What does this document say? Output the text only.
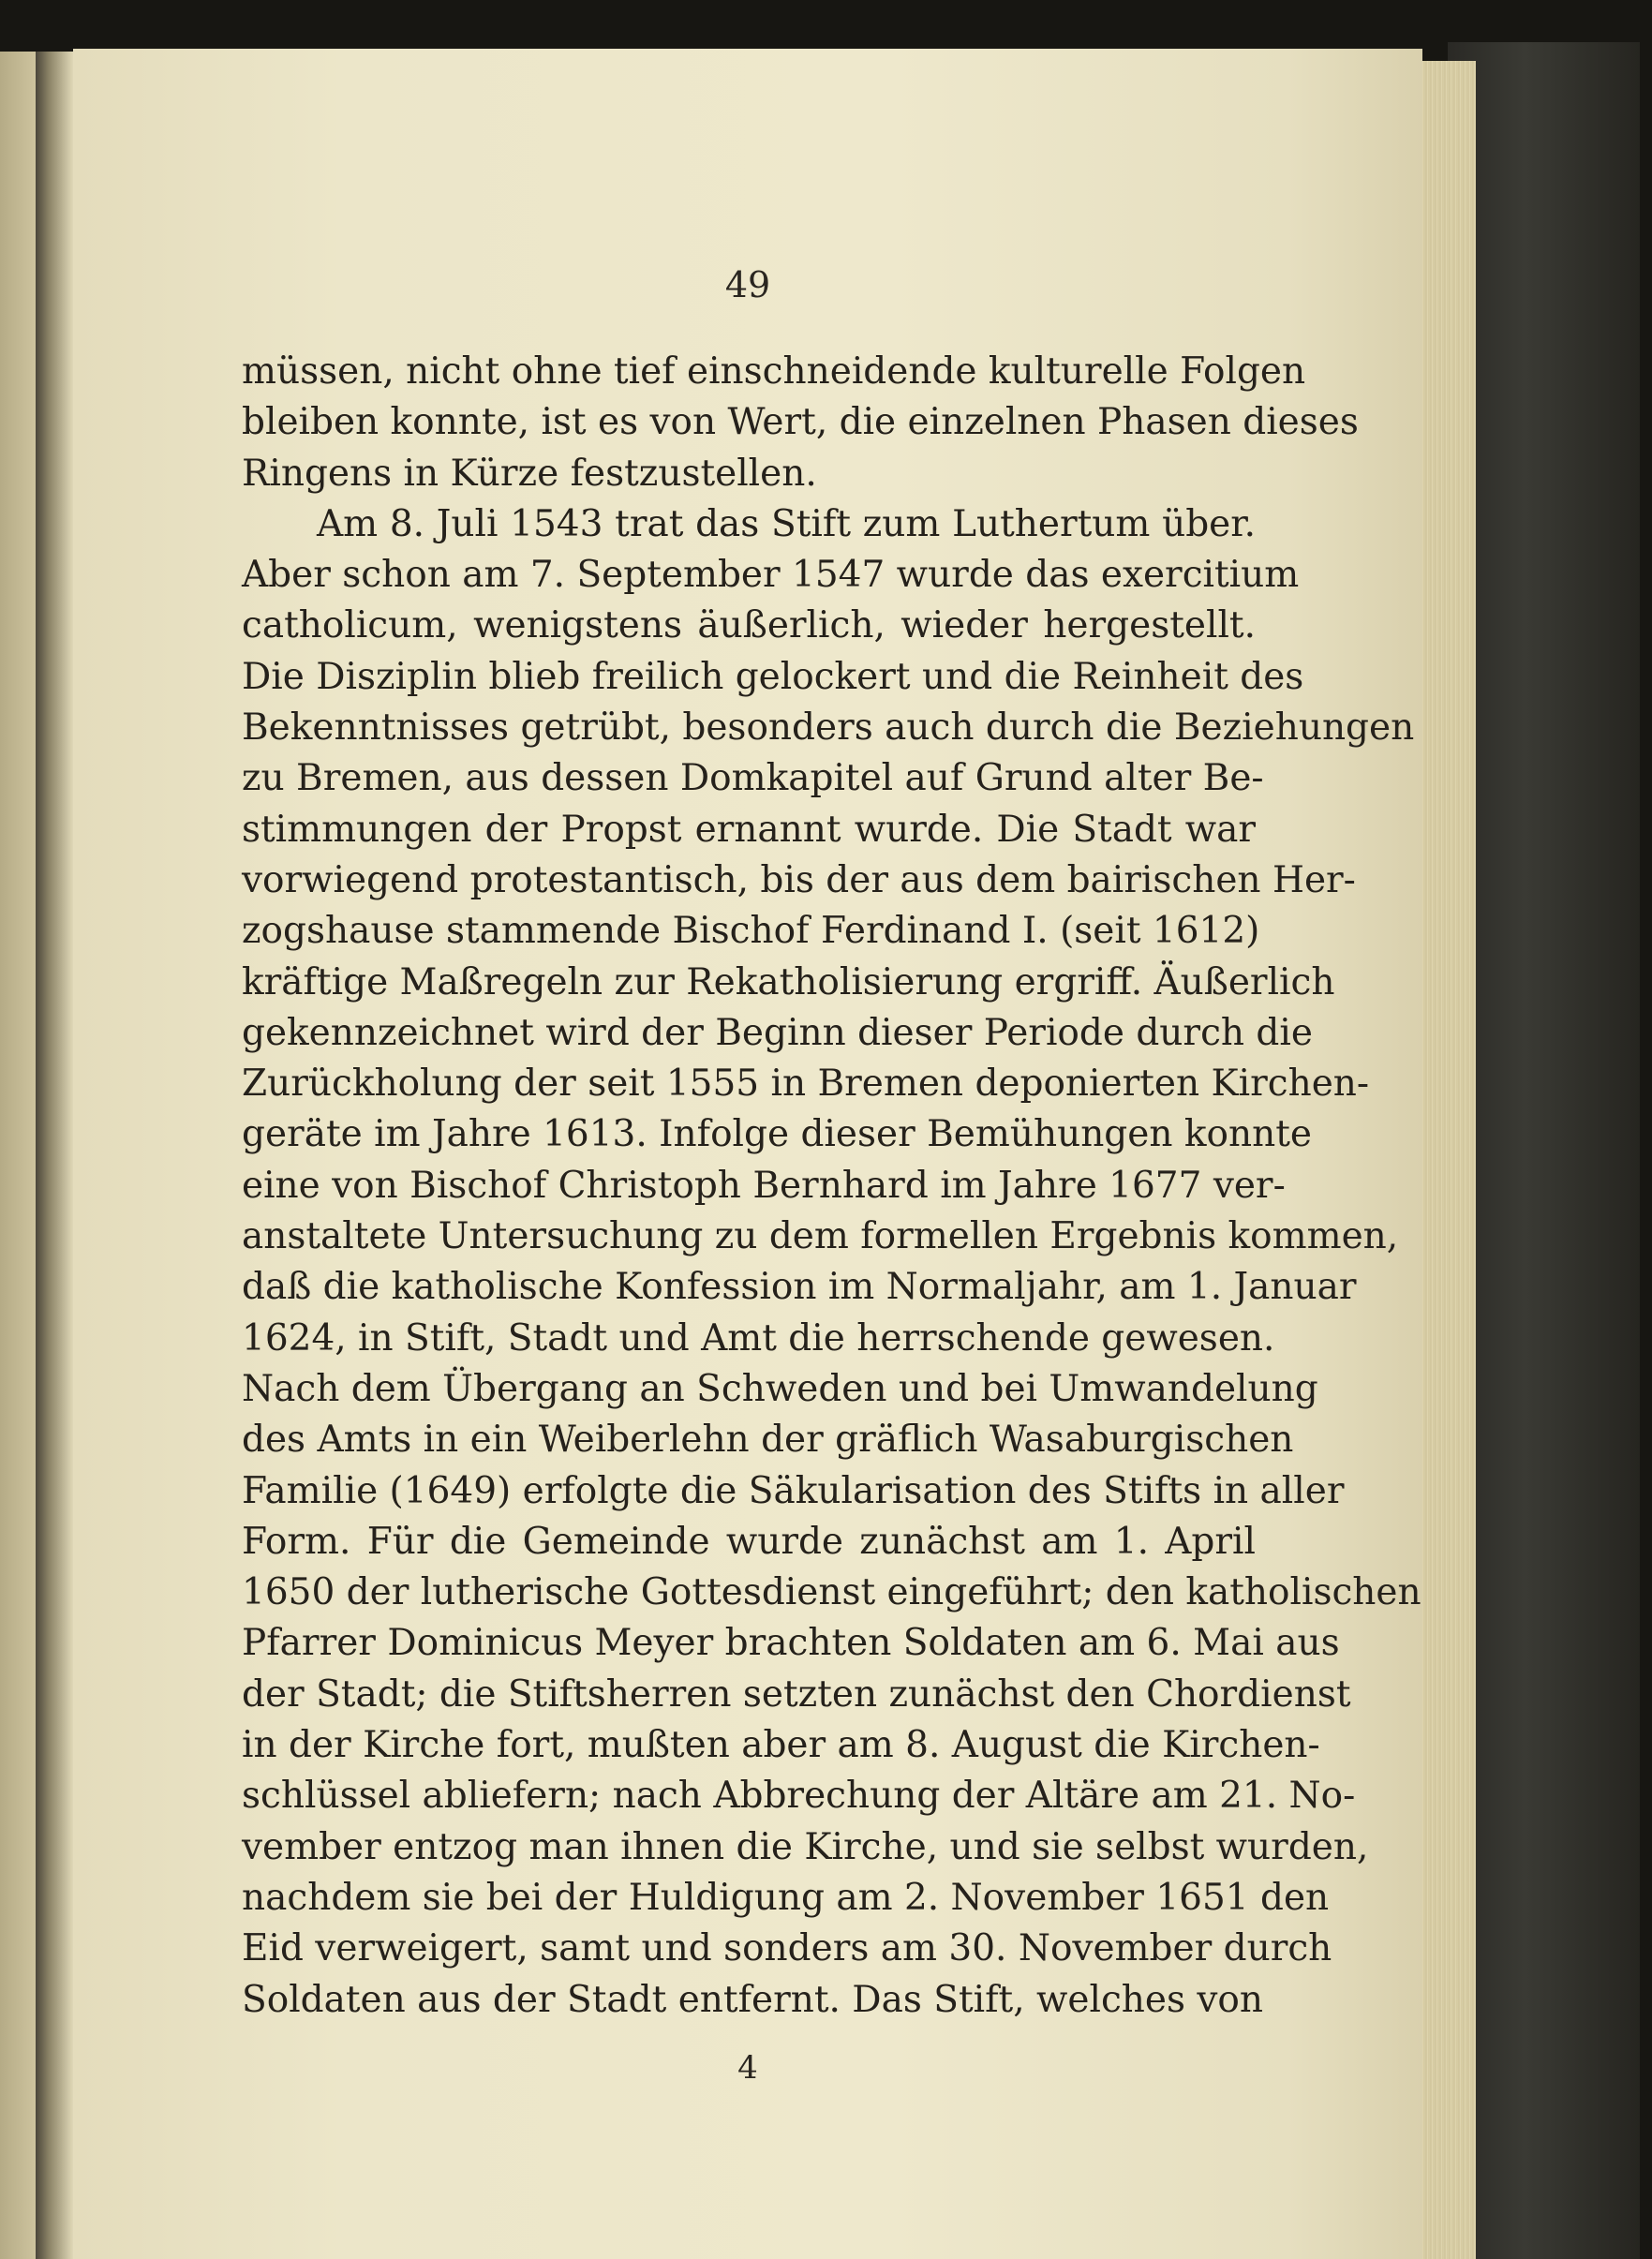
49
müssen, nicht ohne tief einschneidende kulturelle Folgen
bleiben konnte, ist es von Wert, die einzelnen Phasen dieses
Ringens in Kürze festzustellen.
Am 8. Juli 1543 trat das Stift zum Luthertum über.
Aber schon am 7. September 1547 wurde das exercitium
catholicum, wenigstens äußerlich, wieder hergestellt.
Die Disziplin blieb freilich gelockert und die Reinheit des
Bekenntnisses getrübt, besonders auch durch die Beziehungen
zu Bremen, aus dessen Domkapitel auf Grund alter Be-
stimmungen der Propst ernannt wurde. Die Stadt war
vorwiegend protestantisch, bis der aus dem bairischen Her-
zogshause stammende Bischof Ferdinand I. (seit 1612)
kräftige Maßregeln zur Rekatholisierung ergriff. Äußerlich
gekennzeichnet wird der Beginn dieser Periode durch die
Zurückholung der seit 1555 in Bremen deponierten Kirchen-
geräte im Jahre 1613. Infolge dieser Bemühungen konnte
eine von Bischof Christoph Bernhard im Jahre 1677 ver-
anstaltete Untersuchung zu dem formellen Ergebnis kommen,
daß die katholische Konfession im Normaljahr, am 1. Januar
1624, in Stift, Stadt und Amt die herrschende gewesen.
Nach dem Übergang an Schweden und bei Umwandelung
des Amts in ein Weiberlehn der gräflich Wasaburgischen
Familie (1649) erfolgte die Säkularisation des Stifts in aller
Form. Für die Gemeinde wurde zunächst am 1. April
1650 der lutherische Gottesdienst eingeführt; den katholischen
Pfarrer Dominicus Meyer brachten Soldaten am 6. Mai aus
der Stadt; die Stiftsherren setzten zunächst den Chordienst
in der Kirche fort, mußten aber am 8. August die Kirchen-
schlüssel abliefern; nach Abbrechung der Altäre am 21. No-
vember entzog man ihnen die Kirche, und sie selbst wurden,
nachdem sie bei der Huldigung am 2. November 1651 den
Eid verweigert, samt und sonders am 30. November durch
Soldaten aus der Stadt entfernt. Das Stift, welches von
4
